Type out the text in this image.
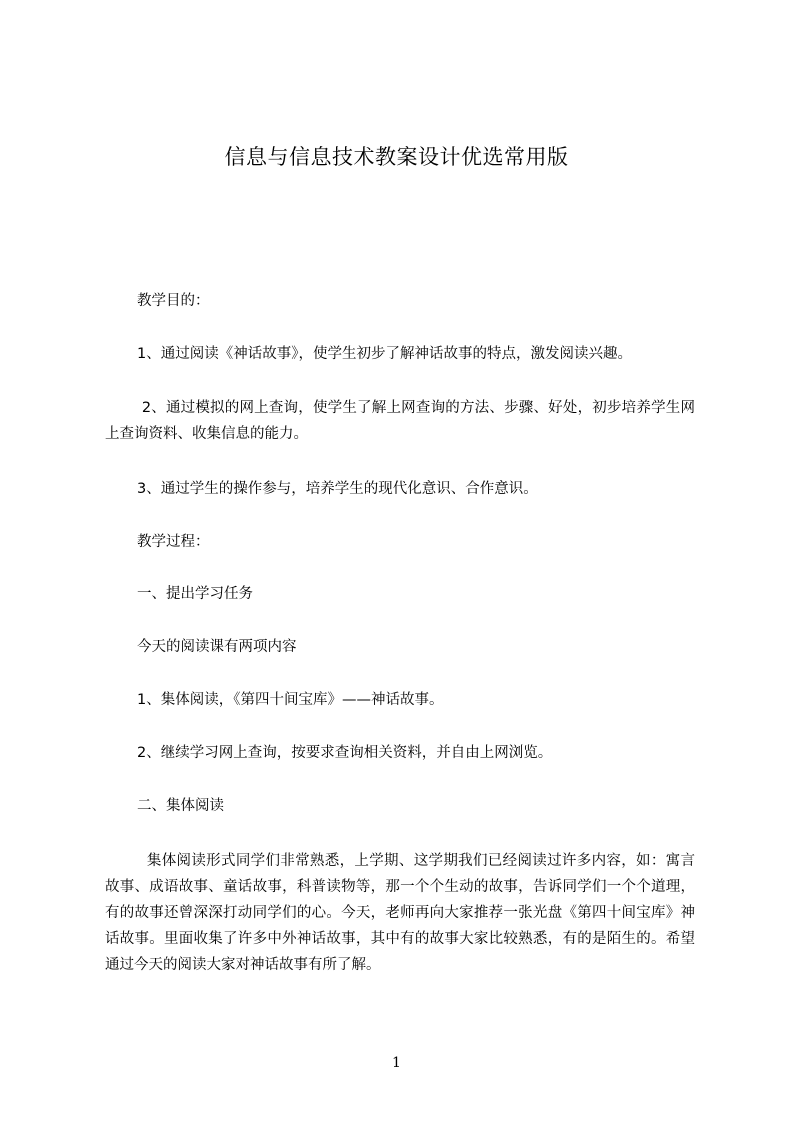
信息与信息技术教案设计优选常用版
教学目的：
1、通过阅读《神话故事》，使学生初步了解神话故事的特点，激发阅读兴趣。
2、通过模拟的网上查询，使学生了解上网查询的方法、步骤、好处，初步培养学生网上查询资料、收集信息的能力。
3、通过学生的操作参与，培养学生的现代化意识、合作意识。
教学过程：
一、提出学习任务
今天的阅读课有两项内容
1、集体阅读，《第四十间宝库》——神话故事。
2、继续学习网上查询，按要求查询相关资料，并自由上网浏览。
二、集体阅读
集体阅读形式同学们非常熟悉，上学期、这学期我们已经阅读过许多内容，如：寓言故事、成语故事、童话故事，科普读物等，那一个个生动的故事，告诉同学们一个个道理，有的故事还曾深深打动同学们的心。今天，老师再向大家推荐一张光盘《第四十间宝库》神话故事。里面收集了许多中外神话故事，其中有的故事大家比较熟悉，有的是陌生的。希望通过今天的阅读大家对神话故事有所了解。
1
